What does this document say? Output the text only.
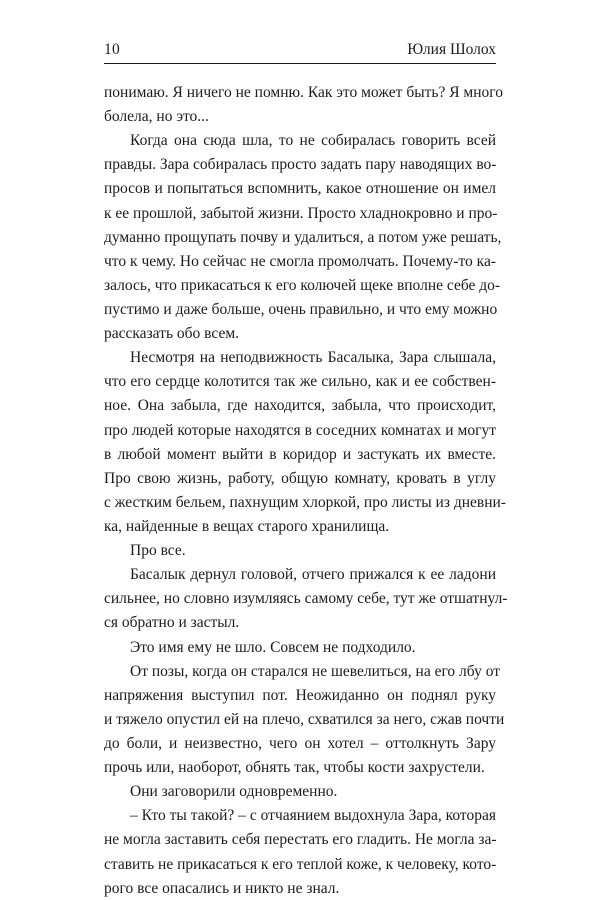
10	Юлия Шолох
понимаю. Я ничего не помню. Как это может быть? Я много
болела, но это...
Когда она сюда шла, то не собиралась говорить всей
правды. Зара собиралась просто задать пару наводящих во-
просов и попытаться вспомнить, какое отношение он имел
к ее прошлой, забытой жизни. Просто хладнокровно и про-
думанно прощупать почву и удалиться, а потом уже решать,
что к чему. Но сейчас не смогла промолчать. Почему-то ка-
залось, что прикасаться к его колючей щеке вполне себе до-
пустимо и даже больше, очень правильно, и что ему можно
рассказать обо всем.
Несмотря на неподвижность Басалыка, Зара слышала,
что его сердце колотится так же сильно, как и ее собствен-
ное. Она забыла, где находится, забыла, что происходит,
про людей которые находятся в соседних комнатах и могут
в любой момент выйти в коридор и застукать их вместе.
Про свою жизнь, работу, общую комнату, кровать в углу
с жестким бельем, пахнущим хлоркой, про листы из дневни-
ка, найденные в вещах старого хранилища.
Про все.
Басалык дернул головой, отчего прижался к ее ладони
сильнее, но словно изумляясь самому себе, тут же отшатнул-
ся обратно и застыл.
Это имя ему не шло. Совсем не подходило.
От позы, когда он старался не шевелиться, на его лбу от
напряжения выступил пот. Неожиданно он поднял руку
и тяжело опустил ей на плечо, схватился за него, сжав почти
до боли, и неизвестно, чего он хотел – оттолкнуть Зару
прочь или, наоборот, обнять так, чтобы кости захрустели.
Они заговорили одновременно.
– Кто ты такой? – с отчаянием выдохнула Зара, которая
не могла заставить себя перестать его гладить. Не могла за-
ставить не прикасаться к его теплой коже, к человеку, кото-
рого все опасались и никто не знал.
